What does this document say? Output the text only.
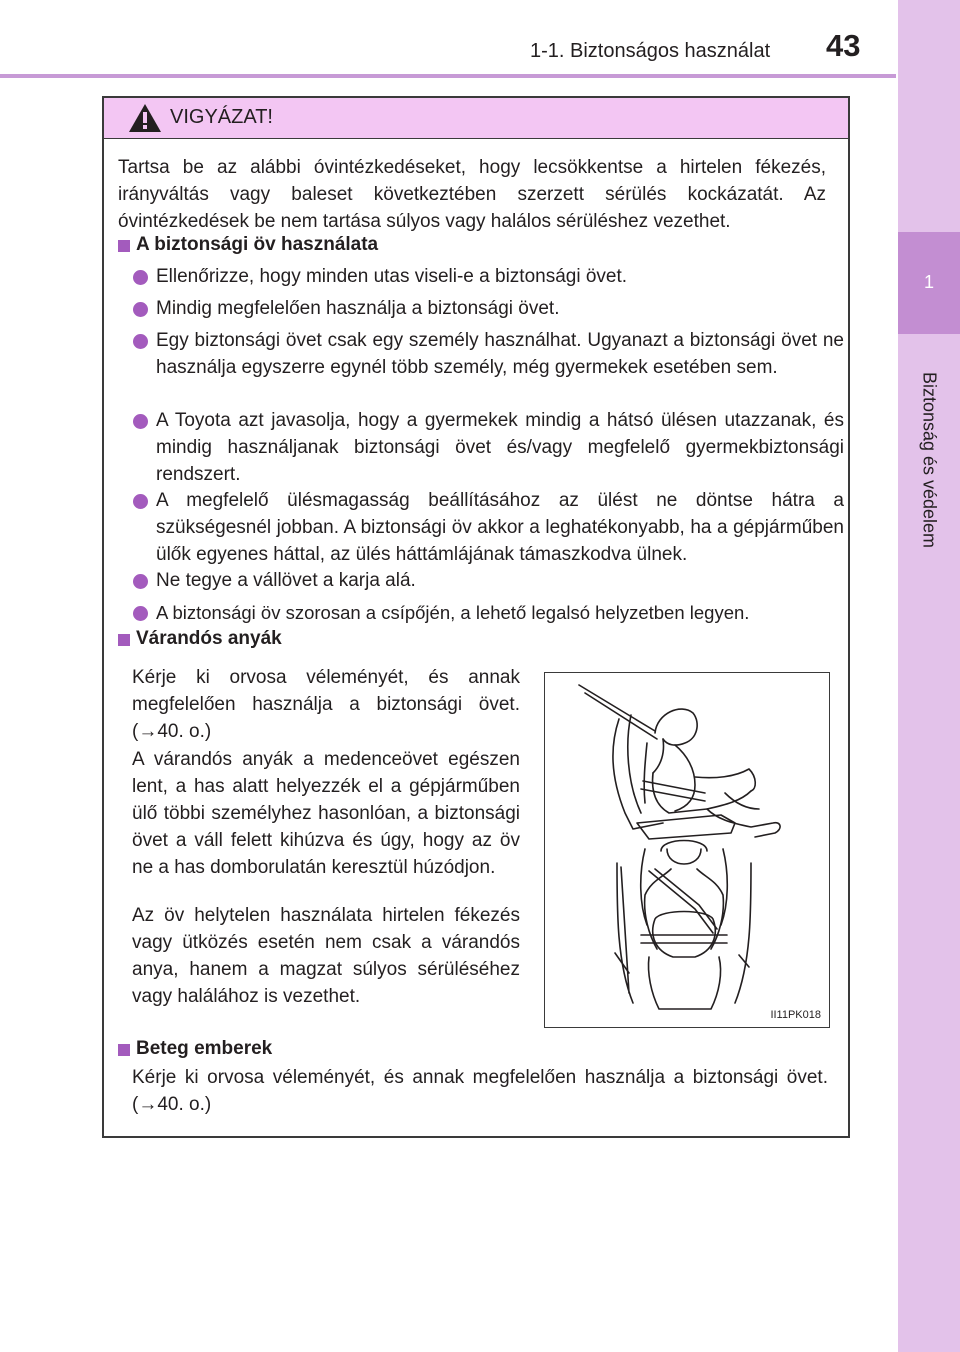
1-1. Biztonságos használat 43
1
Biztonság és védelem
VIGYÁZAT!
Tartsa be az alábbi óvintézkedéseket, hogy lecsökkentse a hirtelen fékezés, irányváltás vagy baleset következtében szerzett sérülés kockázatát. Az óvintézkedések be nem tartása súlyos vagy halálos sérüléshez vezethet.
A biztonsági öv használata
Ellenőrizze, hogy minden utas viseli-e a biztonsági övet.
Mindig megfelelően használja a biztonsági övet.
Egy biztonsági övet csak egy személy használhat. Ugyanazt a biztonsági övet ne használja egyszerre egynél több személy, még gyermekek esetében sem.
A Toyota azt javasolja, hogy a gyermekek mindig a hátsó ülésen utazzanak, és mindig használjanak biztonsági övet és/vagy megfelelő gyermekbiztonsági rendszert.
A megfelelő ülésmagasság beállításához az ülést ne döntse hátra a szükségesnél jobban. A biztonsági öv akkor a leghatékonyabb, ha a gépjárműben ülők egyenes háttal, az ülés háttámlájának támaszkodva ülnek.
Ne tegye a vállövet a karja alá.
A biztonsági öv szorosan a csípőjén, a lehető legalsó helyzetben legyen.
Várandós anyák
Kérje ki orvosa véleményét, és annak megfelelően használja a biztonsági övet. (→40. o.)
A várandós anyák a medenceövet egészen lent, a has alatt helyezzék el a gépjárműben ülő többi személyhez hasonlóan, a biztonsági övet a váll felett kihúzva és úgy, hogy az öv ne a has domborulatán keresztül húzódjon.
Az öv helytelen használata hirtelen fékezés vagy ütközés esetén nem csak a várandós anya, hanem a magzat súlyos sérüléséhez vagy halálához is vezethet.
II11PK018
Beteg emberek
Kérje ki orvosa véleményét, és annak megfelelően használja a biztonsági övet. (→40. o.)
